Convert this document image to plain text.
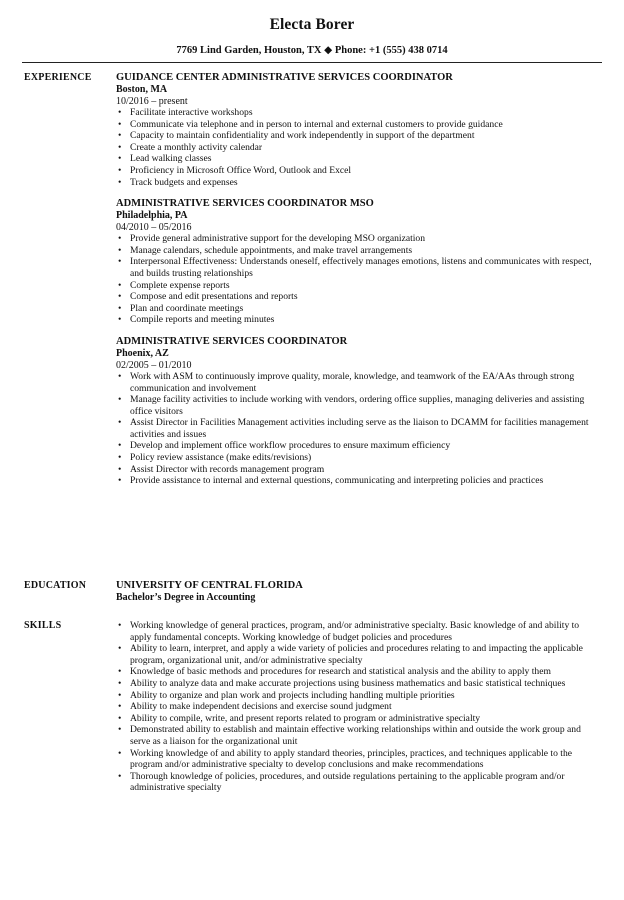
Electa Borer
7769 Lind Garden, Houston, TX ◆ Phone: +1 (555) 438 0714
EXPERIENCE GUIDANCE CENTER ADMINISTRATIVE SERVICES COORDINATOR
Boston, MA
10/2016 – present
• Facilitate interactive workshops
• Communicate via telephone and in person to internal and external customers to provide guidance
• Capacity to maintain confidentiality and work independently in support of the department
• Create a monthly activity calendar
• Lead walking classes
• Proficiency in Microsoft Office Word, Outlook and Excel
• Track budgets and expenses
ADMINISTRATIVE SERVICES COORDINATOR MSO
Philadelphia, PA
04/2010 – 05/2016
• Provide general administrative support for the developing MSO organization
• Manage calendars, schedule appointments, and make travel arrangements
• Interpersonal Effectiveness: Understands oneself, effectively manages emotions, listens and communicates with respect, and builds trusting relationships
• Complete expense reports
• Compose and edit presentations and reports
• Plan and coordinate meetings
• Compile reports and meeting minutes
ADMINISTRATIVE SERVICES COORDINATOR
Phoenix, AZ
02/2005 – 01/2010
• Work with ASM to continuously improve quality, morale, knowledge, and teamwork of the EA/AAs through strong communication and involvement
• Manage facility activities to include working with vendors, ordering office supplies, managing deliveries and assisting office visitors
• Assist Director in Facilities Management activities including serve as the liaison to DCAMM for facilities management activities and issues
• Develop and implement office workflow procedures to ensure maximum efficiency
• Policy review assistance (make edits/revisions)
• Assist Director with records management program
• Provide assistance to internal and external questions, communicating and interpreting policies and practices
EDUCATION	UNIVERSITY OF CENTRAL FLORIDA
Bachelor’s Degree in Accounting
SKILLS
•	Working knowledge of general practices, program, and/or administrative specialty. Basic knowledge of and ability to apply fundamental concepts. Working knowledge of budget policies and procedures
• Ability to learn, interpret, and apply a wide variety of policies and procedures relating to and impacting the applicable program, organizational unit, and/or administrative specialty
• Knowledge of basic methods and procedures for research and statistical analysis and the ability to apply them
• Ability to analyze data and make accurate projections using business mathematics and basic statistical techniques
• Ability to organize and plan work and projects including handling multiple priorities
• Ability to make independent decisions and exercise sound judgment
• Ability to compile, write, and present reports related to program or administrative specialty
• Demonstrated ability to establish and maintain effective working relationships within and outside the work group and serve as a liaison for the organizational unit
• Working knowledge of and ability to apply standard theories, principles, practices, and techniques applicable to the program and/or administrative specialty to develop conclusions and make recommendations
• Thorough knowledge of policies, procedures, and outside regulations pertaining to the applicable program and/or administrative specialty
